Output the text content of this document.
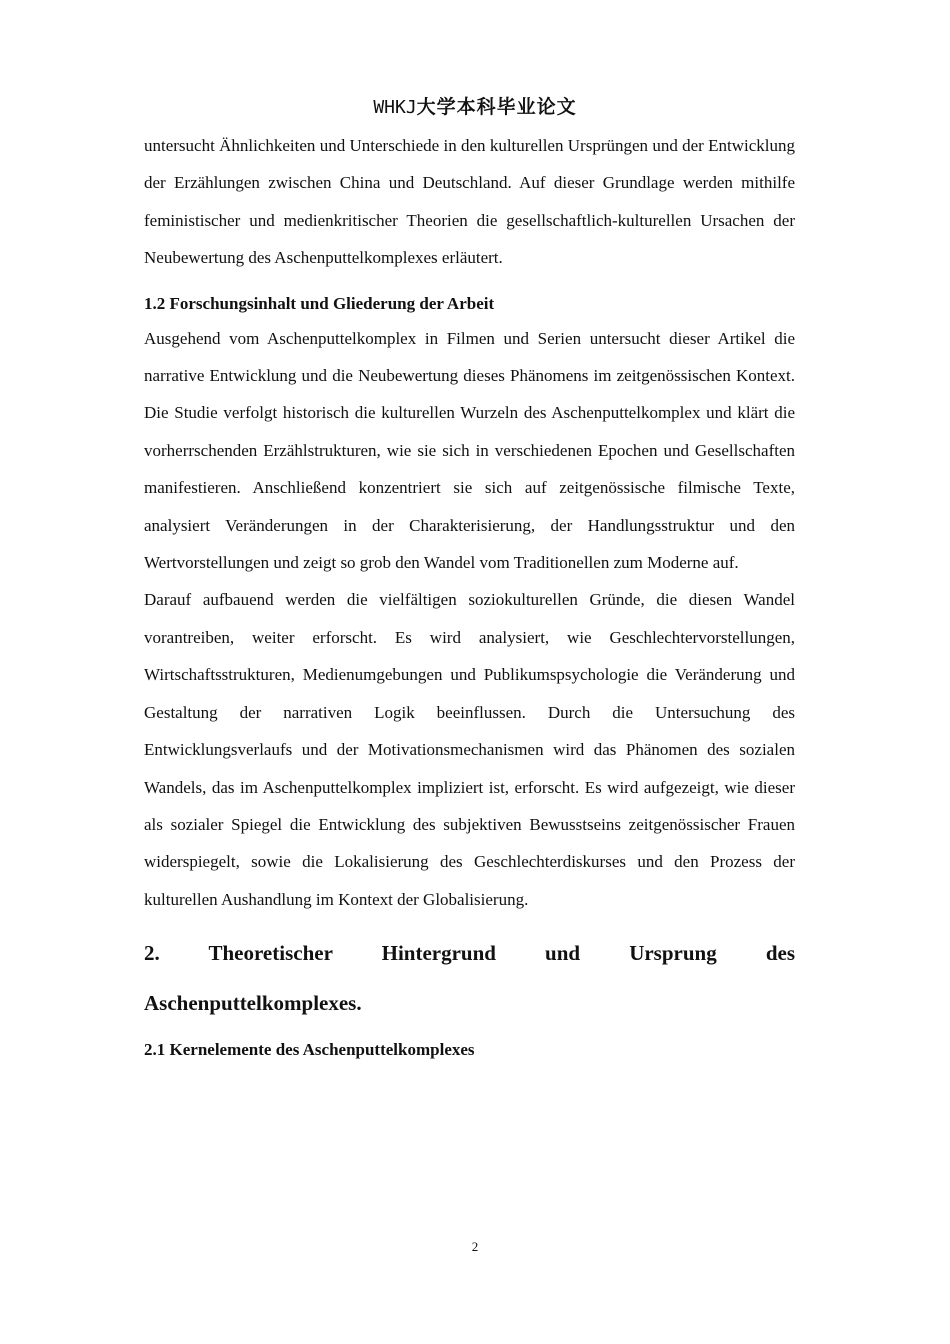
WHKJ大学本科毕业论文

untersucht Ähnlichkeiten und Unterschiede in den kulturellen Ursprüngen und der Entwicklung der Erzählungen zwischen China und Deutschland. Auf dieser Grundlage werden mithilfe feministischer und medienkritischer Theorien die gesellschaftlich-kulturellen Ursachen der Neubewertung des Aschenputtelkomplexes erläutert.

1.2 Forschungsinhalt und Gliederung der Arbeit

Ausgehend vom Aschenputtelkomplex in Filmen und Serien untersucht dieser Artikel die narrative Entwicklung und die Neubewertung dieses Phänomens im zeitgenössischen Kontext. Die Studie verfolgt historisch die kulturellen Wurzeln des Aschenputtelkomplex und klärt die vorherrschenden Erzählstrukturen, wie sie sich in verschiedenen Epochen und Gesellschaften manifestieren. Anschließend konzentriert sie sich auf zeitgenössische filmische Texte, analysiert Veränderungen in der Charakterisierung, der Handlungsstruktur und den Wertvorstellungen und zeigt so grob den Wandel vom Traditionellen zum Moderne auf.

Darauf aufbauend werden die vielfältigen soziokulturellen Gründe, die diesen Wandel vorantreiben, weiter erforscht. Es wird analysiert, wie Geschlechtervorstellungen, Wirtschaftsstrukturen, Medienumgebungen und Publikumspsychologie die Veränderung und Gestaltung der narrativen Logik beeinflussen. Durch die Untersuchung des Entwicklungsverlaufs und der Motivationsmechanismen wird das Phänomen des sozialen Wandels, das im Aschenputtelkomplex impliziert ist, erforscht. Es wird aufgezeigt, wie dieser als sozialer Spiegel die Entwicklung des subjektiven Bewusstseins zeitgenössischer Frauen widerspiegelt, sowie die Lokalisierung des Geschlechterdiskurses und den Prozess der kulturellen Aushandlung im Kontext der Globalisierung.

2. Theoretischer Hintergrund und Ursprung des Aschenputtelkomplexes.
2.1 Kernelemente des Aschenputtelkomplexes
2
